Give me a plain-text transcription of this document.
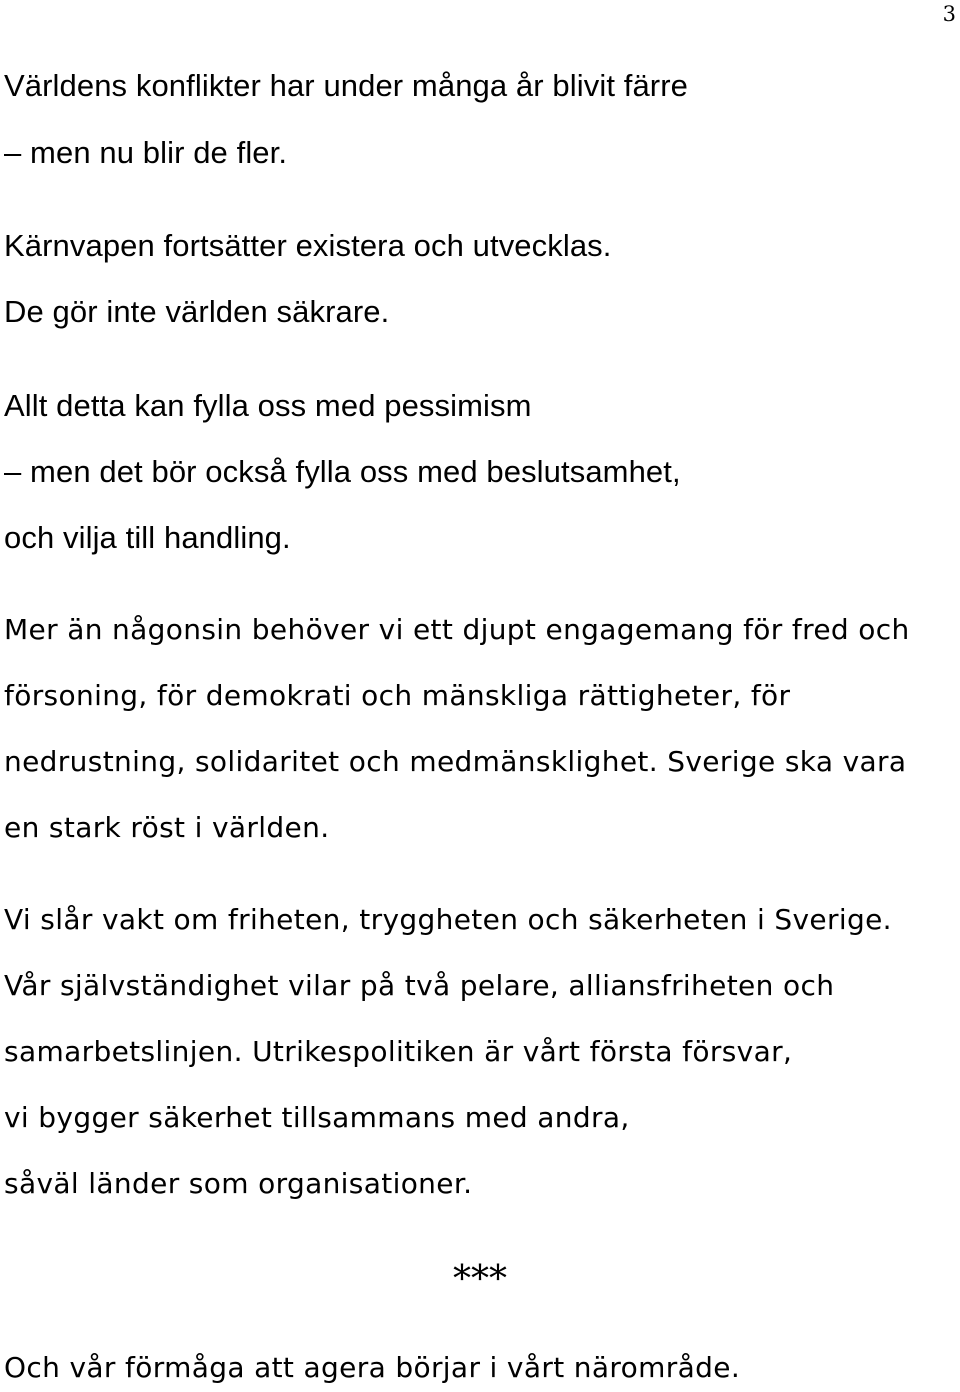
3
Världens konflikter har under många år blivit färre
– men nu blir de fler.
Kärnvapen fortsätter existera och utvecklas.
De gör inte världen säkrare.
Allt detta kan fylla oss med pessimism
– men det bör också fylla oss med beslutsamhet,
och vilja till handling.
Mer än någonsin behöver vi ett djupt engagemang för fred och
försoning, för demokrati och mänskliga rättigheter, för
nedrustning, solidaritet och medmänsklighet. Sverige ska vara
en stark röst i världen.
Vi slår vakt om friheten, tryggheten och säkerheten i Sverige.
Vår självständighet vilar på två pelare, alliansfriheten och
samarbetslinjen. Utrikespolitiken är vårt första försvar,
vi bygger säkerhet tillsammans med andra,
såväl länder som organisationer.
***
Och vår förmåga att agera börjar i vårt närområde.
